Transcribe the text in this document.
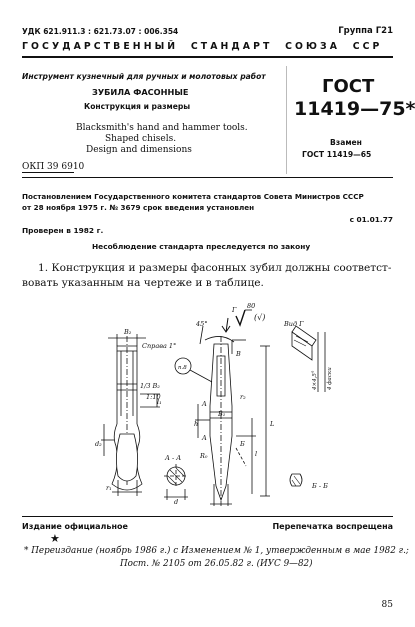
УДК 621.911.3 : 621.73.07 : 006.354	Группа Г21
ГОСУДАРСТВЕННЫЙ  СТАНДАРТ  СОЮЗА  ССР
Инструмент кузнечный для ручных и молотовых работ
ЗУБИЛА ФАСОННЫЕ
Конструкция и размеры
Blacksmith's hand and hammer tools.
Shaped chisels.
Design and dimensions
ОКП 39 6910
ГОСТ
11419—75*
Взамен
ГОСТ 11419—65
Постановлением Государственного комитета стандартов Совета Министров СССР
от 28 ноября 1975 г. № 3679 срок введения установлен
с 01.01.77
Проверен в 1982 г.
Несоблюдение стандарта преследуется по закону
1. Конструкция и размеры фасонных зубил должны соответст-
вовать указанным на чертеже и в таблице.
80
(√)
Справа 1°
1:10
1/3 B₂
Вид Г
Б - Б
А - А
п.8
45°
4×4,5° 4 фаски
B₂
B₁
B
r₁
r₂
h
d
d₂
L
l
l₁	A
A
Б
R₀
Г
Издание официальное	Перепечатка воспрещена
★
* Переиздание (ноябрь 1986 г.) с Изменением № 1, утвержденным в мае 1982 г.;
Пост. № 2105 от 26.05.82 г. (ИУС 9—82)
85
